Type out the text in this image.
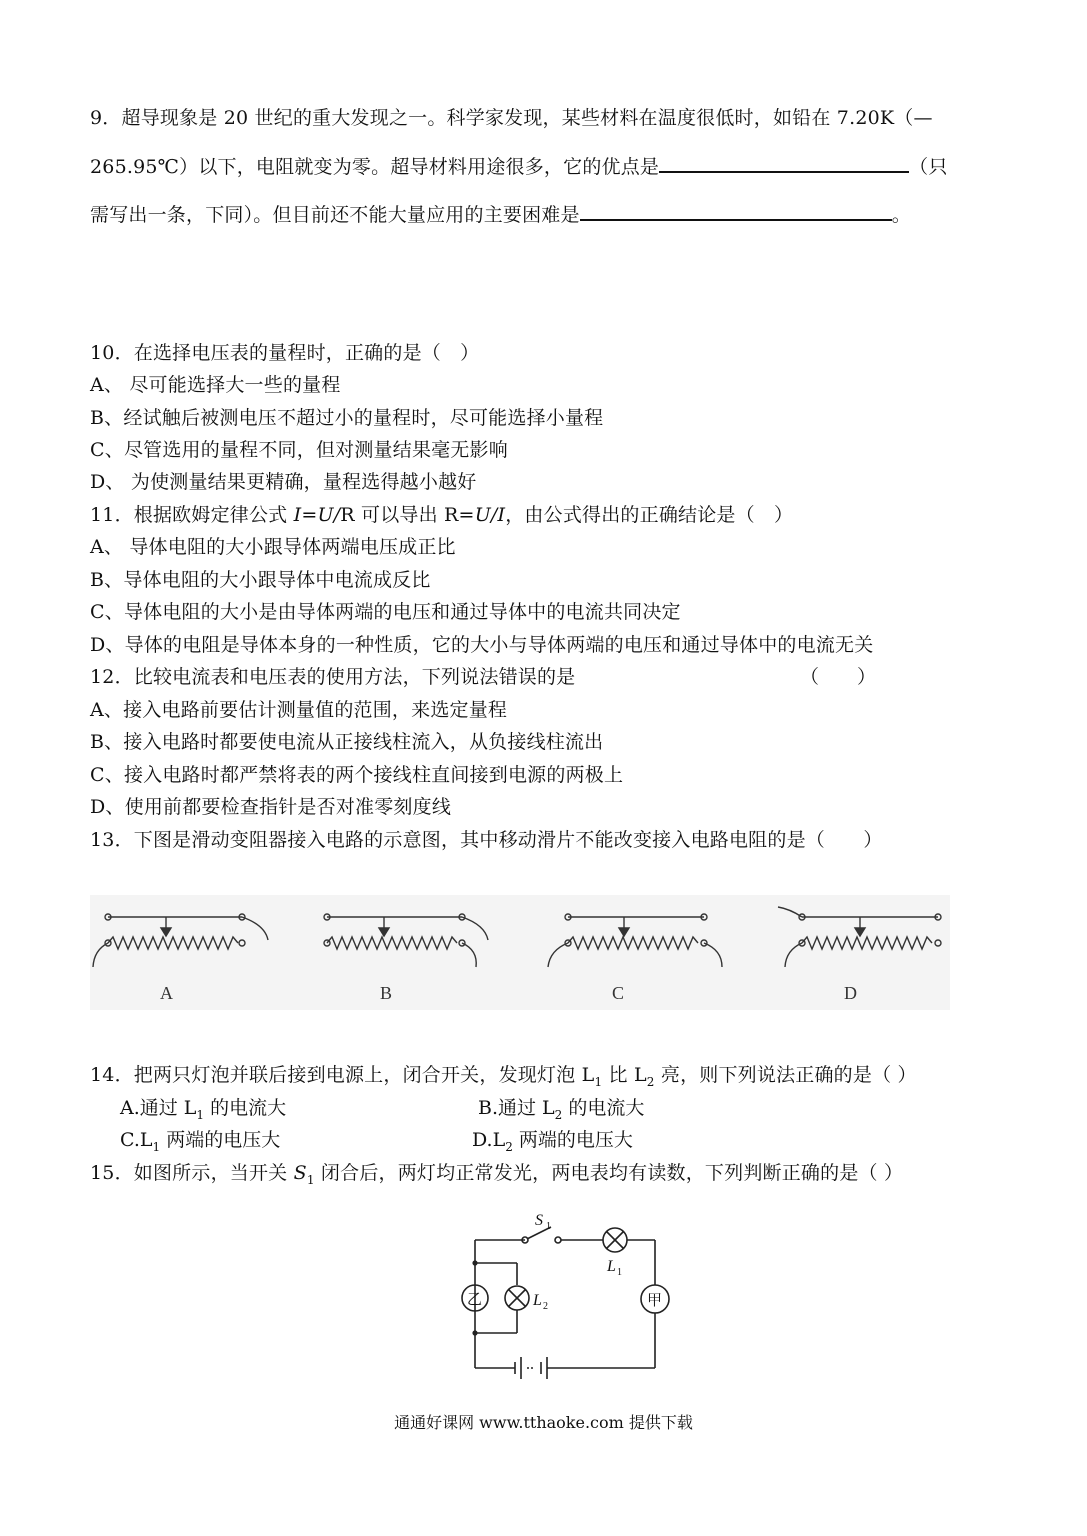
9．超导现象是 20 世纪的重大发现之一。科学家发现，某些材料在温度很低时，如铅在 7.20K（—
265.95℃）以下，电阻就变为零。超导材料用途很多，它的优点是	（只
需写出一条，下同）。但目前还不能大量应用的主要困难是	。
10．在选择电压表的量程时，正确的是（　）
A、 尽可能选择大一些的量程
B、经试触后被测电压不超过小的量程时，尽可能选择小量程
C、尽管选用的量程不同，但对测量结果毫无影响
D、 为使测量结果更精确，量程选得越小越好
11．根据欧姆定律公式 I=U/R 可以导出 R=U/I，由公式得出的正确结论是（　）
A、 导体电阻的大小跟导体两端电压成正比
B、导体电阻的大小跟导体中电流成反比
C、导体电阻的大小是由导体两端的电压和通过导体中的电流共同决定
D、导体的电阻是导体本身的一种性质，它的大小与导体两端的电压和通过导体中的电流无关
12．比较电流表和电压表的使用方法，下列说法错误的是	（　　）
A、接入电路前要估计测量值的范围，来选定量程
B、接入电路时都要使电流从正接线柱流入，从负接线柱流出
C、接入电路时都严禁将表的两个接线柱直间接到电源的两极上
D、使用前都要检查指针是否对准零刻度线
13．下图是滑动变阻器接入电路的示意图，其中移动滑片不能改变接入电路电阻的是（　　）
A	B	C	D
14．把两只灯泡并联后接到电源上，闭合开关，发现灯泡 $L_1$ 比 $L_2$ 亮，则下列说法正确的是（ ）
A.通过 $L_1$ 的电流大	B.通过 $L_2$ 的电流大
$C.L_1$ 两端的电压大	$D.L_2$ 两端的电压大
15．如图所示，当开关 $S_1$ 闭合后，两灯均正常发光，两电表均有读数，下列判断正确的是（ ）
S 1
L 1
L 2
乙	甲
通通好课网 www.tthaoke.com 提供下载
